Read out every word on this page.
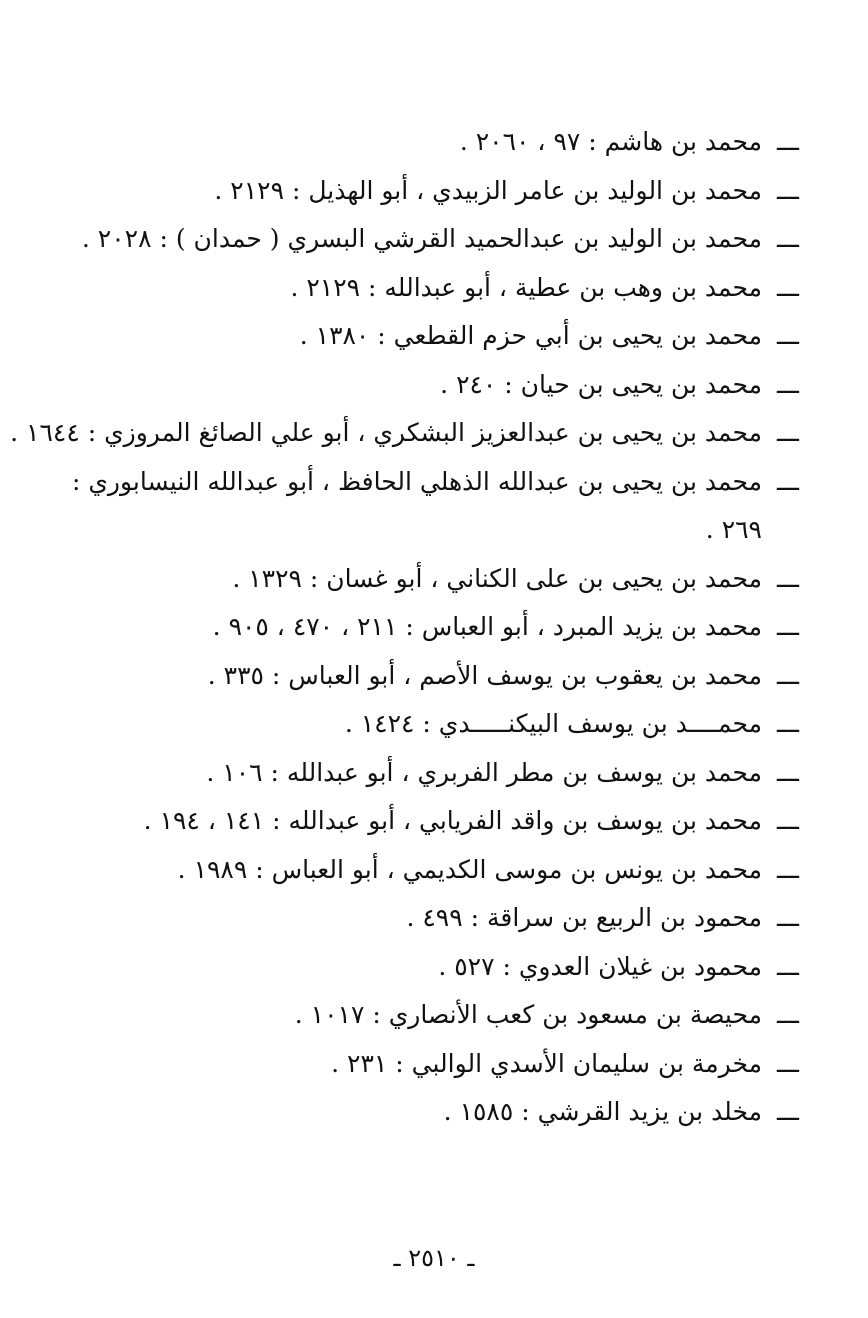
ـــ
محمد بن هاشم : ٩٧ ، ٢٠٦٠ .
ـــ
محمد بن الوليد بن عامر الزبيدي ، أبو الهذيل : ٢١٢٩ .
ـــ
محمد بن الوليد بن عبدالحميد القرشي البسري ( حمدان ) : ٢٠٢٨ .
ـــ
محمد بن وهب بن عطية ، أبو عبدالله : ٢١٢٩ .
ـــ
محمد بن يحيى بن أبي حزم القطعي : ١٣٨٠ .
ـــ
محمد بن يحيى بن حيان : ٢٤٠ .
ـــ
محمد بن يحيى بن عبدالعزيز البشكري ، أبو علي الصائغ المروزي : ١٦٤٤ .
ـــ
محمد بن يحيى بن عبدالله الذهلي الحافظ ، أبو عبدالله النيسابوري : ٢٦٩ .
ـــ
محمد بن يحيى بن على الكناني ، أبو غسان : ١٣٢٩ .
ـــ
محمد بن يزيد المبرد ، أبو العباس : ٢١١ ، ٤٧٠ ، ٩٠٥ .
ـــ
محمد بن يعقوب بن يوسف الأصم ، أبو العباس : ٣٣٥ .
ـــ
محمــــد بن يوسف البيكنـــــدي : ١٤٢٤ .
ـــ
محمد بن يوسف بن مطر الفربري ، أبو عبدالله : ١٠٦ .
ـــ
محمد بن يوسف بن واقد الفريابي ، أبو عبدالله : ١٤١ ، ١٩٤ .
ـــ
محمد بن يونس بن موسى الكديمي ، أبو العباس : ١٩٨٩ .
ـــ
محمود بن الربيع بن سراقة : ٤٩٩ .
ـــ
محمود بن غيلان العدوي : ٥٢٧ .
ـــ
محيصة بن مسعود بن كعب الأنصاري : ١٠١٧ .
ـــ
مخرمة بن سليمان الأسدي الوالبي : ٢٣١ .
ـــ
مخلد بن يزيد القرشي : ١٥٨٥ .
ـ ٢٥١٠ ـ
